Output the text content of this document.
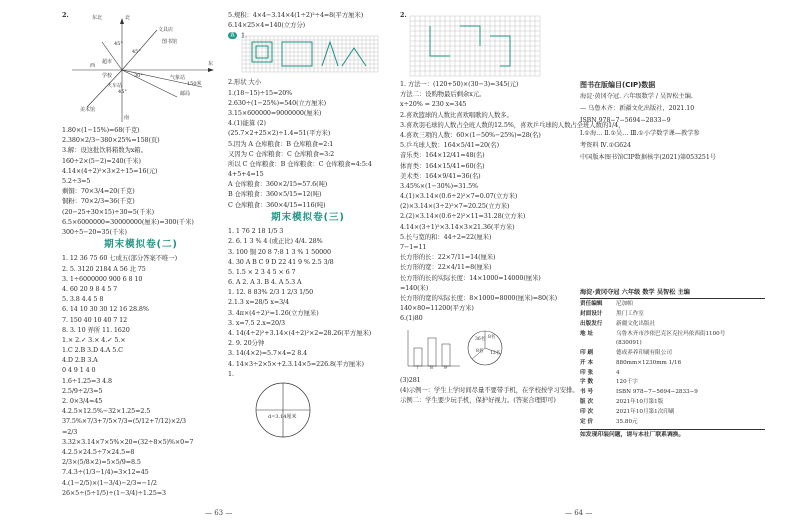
2.	东北	北
45°
45°
30°
西	东
南
文具店
学校
图书馆
邮局
气象站
火车站
超市
150米
45°
美术馆
1.80×(1−15%)=68(千克)
2.380×2/3−380×25%=158(页)
3.解：设这批饮料箱数为x箱。
160÷2×(5−2)=240(千米)
4.14×(4÷2)²×3×2÷15=16(元)
5.2÷3=5
剩铜：70×3/4=20(千克)
铜粉：70×2/3=36(千克)
(20−25+30×15)÷30=5(千米)
6.5×6000000=30000000(厘米)=300(千米)
300÷5−20=35(千米)
期末模拟卷(二)
1. 12 36 75 60 七成五(部分答案不唯一)
2. 5. 3120 2184 A 56 北 75
3. 1÷6000000 900 6 8 10
4. 60 20 9 8 4 5 7
5. 3.8 4.4 5 8
6. 14 10 30 30 12 16 28.8%
7. 150 40 10 40 7 12
8. 3. 10 弄所 11. 1620
1.× 2.✓ 3.× 4.✓ 5.×
1.C 2.B 3.D 4.A 5.C
4.D 2.B 3.A
0 4 9 1 4 0
1.6÷1.25=3 4.8
2.5/9÷2/3=5
2. 0×3/4=45
4.2.5×12.5%−32×1.25=2.5
37.5%×7/3+7/5×7/3=(5/12+7/12)×2/3
=2/3
3.32×3.14×7×5%×20=(32÷8×5)%×0=7
4.2.5×24.5÷7×24.5=8
2/3×(5/8×2)=5×5/9=8.5
7.4.3÷(1/3−1/4)=3×12=45
4.(1−2/5)×(1−3/4)−2/3=−1/2
26×5÷(5÷1/5)÷(1−3/4)÷1.25=3
5.规积：4×4−3.14×4(1÷2)²÷4=8(平方厘米)
6.14×25×4=140(立方分)
五 1.
2.形状 大小
1.(18−15)÷15=20%
2.630÷(1−25%)=540(立方厘米)
3.15×600000=9000000(厘米)
4.(1)能算 (2)
(25.7×2+25×2)÷1.4=51(平方米)
5.因为 A 仓库粮食：B 仓库粮食=2:1
又因为 C 仓库粮食：C 仓库粮食=3:2
所以 C 仓库粮食：B 仓库粮食：C 仓库粮食=4:5:4
4+5+4=15
A 仓库粮食：360×2/15=57.6(吨)
B 仓库粮食：360×5/15=12(吨)
C 仓库粮食：360×4/15=116(吨)
期末模拟卷(三)
1. 1 76 2 18 1/5 3
2. 6. 1 3 % 4 (或正比) 4/4. 28%
3. 100 铜 20 8 7:8 1 3 % 1 50000
4. 30 A B C 9 D 22 41 9 % 2.5 3/8
5. 1.5 × 2 3 4 5 × 6 7
6. A 2. A 3. B 4. A 5.3 A
1. 12. 8 83% 2/3 1 2/3 1/50
2.1.3 x=28/5 x=3/4
3. 4π×(4÷2)²=1.26(立方厘米)
3. x=7.5 2.x=20/3
4. 14(4÷2)²+3.14×(4÷2)²×2=28.26(平方厘米)
2. 9. 20分钟
3. 14(4×2)=5.7×4=2 8.4
4. 14×3÷2×5×+2.3.14×5=226.8(平方厘米)
1.
d=3.14厘米
2.
1. 方法一：(120+50)×(30−3)=345(元)
方法二：设购物最后剩余x元。
x÷20% = 230 x=345
2.喜欢篮球的人数比喜欢唱歌的人数多。
3.喜欢羽毛球的人数占全班人数的12.5%，喜欢乒乓球的人数占全班人数的1/4，
4.喜欢三项的人数：60×(1−50%−25%)=28(名)
5.乒乓球人数：164×5/41=20(名)
音乐类：164×12/41=48(名)
体育类：164×15/41=60(名)
美术类：164×9/41=36(名)
3.45%×(1−30%)=31.5%
4.(1)×3.14×(0.6÷2)²×7=0.07(立方米)
(2)×3.14×(3÷2)²×7=20.25(立方米)
2.(2)×3.14×(0.6÷2)²×11=31.28(立方米)
4.14×(3÷1)²×3.14×3×21.36(平方米)
5.长与宽的和：44÷2=22(厘米)
7−1=11
长方形的长：22×7/11=14(厘米)
长方形的宽：22×4/11=8(厘米)
长方形的长的实际长度：14×1000=14000(厘米)
=140(米)
长方形的宽的实际长度：8×1000=8000(厘米)=80(米)
140×80=11200(平方米)
6.(1)80
7 8 9
8名
12名
8名
36名
(3)281
(4)示例一：学生上学时间尽量不要带手机，在学校按学习安排。
示例二：学生要少玩手机，保护好视力。(答案合理即可)
图书在版编目(CIP)数据
海淀·黄冈夺冠. 六年级数学 / 吴智松主编.
— 乌鲁木齐：新疆文化出版社，2021.10
ISBN 978−7−5694−2833−9
Ⅰ.①海… Ⅱ.①吴… Ⅲ.①小学数学课—教学参
考资料 Ⅳ.①G624
中国版本图书馆CIP数据核字(2021)第053251号
海淀·黄冈夺冠 六年级 数学 吴智松 主编
责任编辑	尼加帕
封面设计	黑门工作室
出版发行	新疆文化出版社
地 址	乌鲁木齐市沙依巴克区克拉玛依西街1100号
(830091)
印 刷	德成养养印刷有限公司
开 本	880mm×1230mm 1/16
印 张	4
字 数	120千字
书 号	ISBN 978−7−5694−2833−9
版 次	2021年10月第1版
印 次	2021年10月第1次印刷
定 价	35.80元
如发现印装问题，请与本社厂联系调换。
— 63 —	— 64 —
